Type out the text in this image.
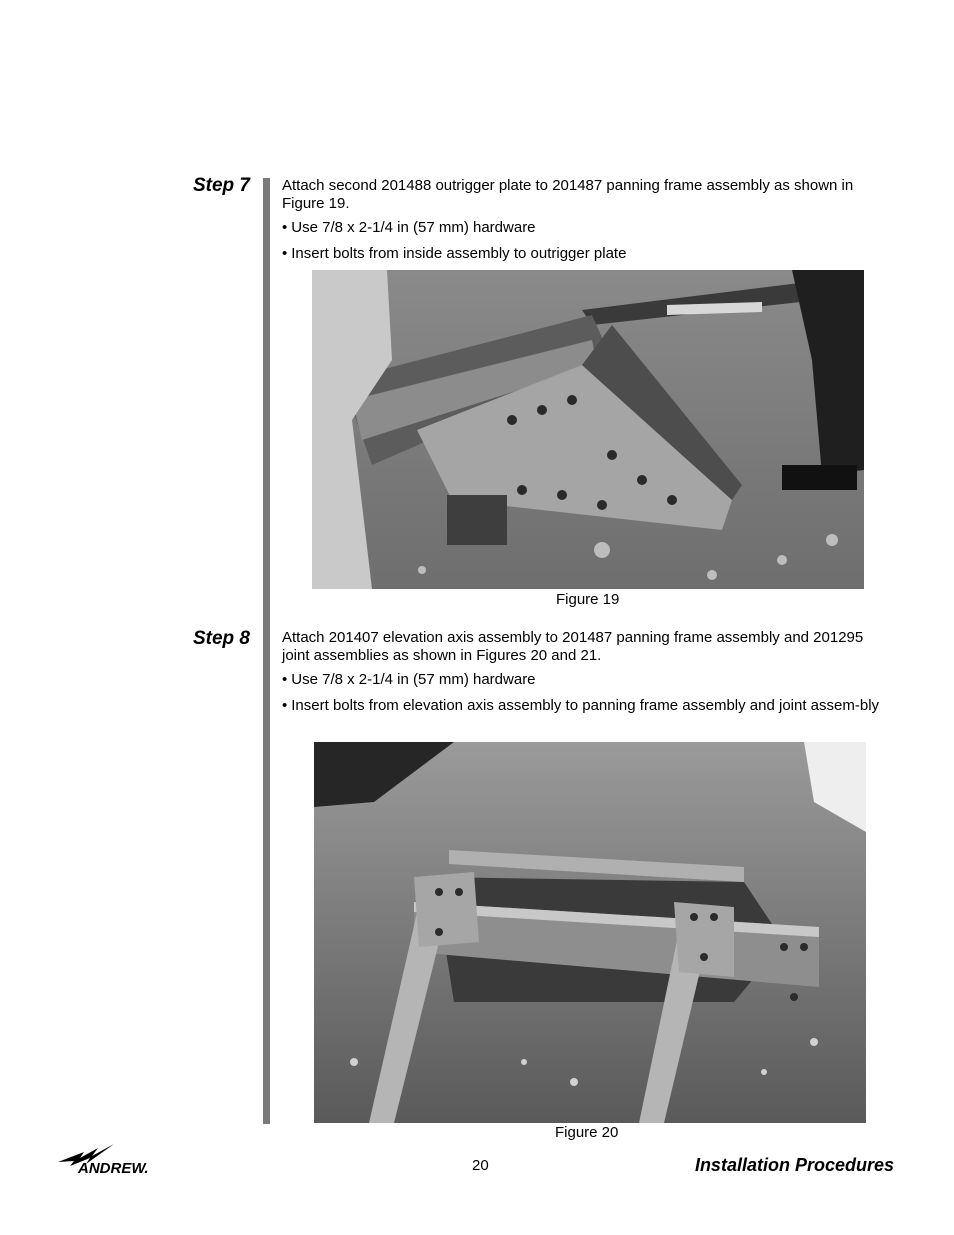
Step 7 Attach second 201488 outrigger plate to 201487 panning frame assembly as shown in Figure 19.

• Use 7/8 x 2-1/4 in (57 mm) hardware
• Insert bolts from inside assembly to outrigger plate
Figure 19
Step 8 Attach 201407 elevation axis assembly to 201487 panning frame assembly and 201295 joint assemblies as shown in Figures 20 and 21.

• Use 7/8 x 2-1/4 in (57 mm) hardware
• Insert bolts from elevation axis assembly to panning frame assembly and joint assem-bly
Figure 20
ANDREW.	20	Installation Procedures
